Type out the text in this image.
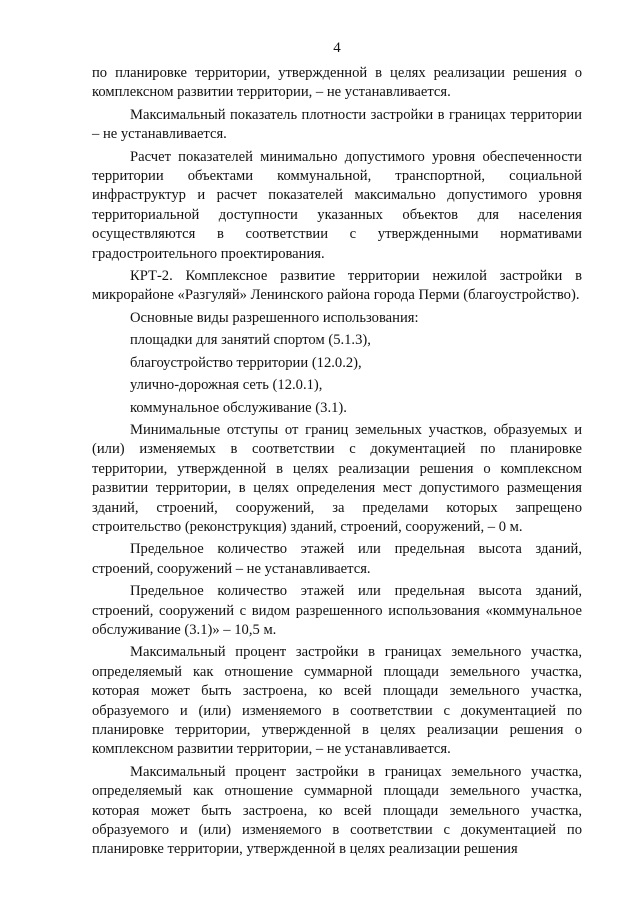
4

по планировке территории, утвержденной в целях реализации решения о комплексном развитии территории, – не устанавливается.

Максимальный показатель плотности застройки в границах территории – не устанавливается.

Расчет показателей минимально допустимого уровня обеспеченности территории объектами коммунальной, транспортной, социальной инфраструктур и расчет показателей максимально допустимого уровня территориальной доступности указанных объектов для населения осуществляются в соответствии с утвержденными нормативами градостроительного проектирования.

КРТ-2. Комплексное развитие территории нежилой застройки в микрорайоне «Разгуляй» Ленинского района города Перми (благоустройство).

Основные виды разрешенного использования:

площадки для занятий спортом (5.1.3),

благоустройство территории (12.0.2),

улично-дорожная сеть (12.0.1),

коммунальное обслуживание (3.1).

Минимальные отступы от границ земельных участков, образуемых и (или) изменяемых в соответствии с документацией по планировке территории, утвержденной в целях реализации решения о комплексном развитии территории, в целях определения мест допустимого размещения зданий, строений, сооружений, за пределами которых запрещено строительство (реконструкция) зданий, строений, сооружений, – 0 м.

Предельное количество этажей или предельная высота зданий, строений, сооружений – не устанавливается.

Предельное количество этажей или предельная высота зданий, строений, сооружений с видом разрешенного использования «коммунальное обслуживание (3.1)» – 10,5 м.

Максимальный процент застройки в границах земельного участка, определяемый как отношение суммарной площади земельного участка, которая может быть застроена, ко всей площади земельного участка, образуемого и (или) изменяемого в соответствии с документацией по планировке территории, утвержденной в целях реализации решения о комплексном развитии территории, – не устанавливается.

Максимальный процент застройки в границах земельного участка, определяемый как отношение суммарной площади земельного участка, которая может быть застроена, ко всей площади земельного участка, образуемого и (или) изменяемого в соответствии с документацией по планировке территории, утвержденной в целях реализации решения
